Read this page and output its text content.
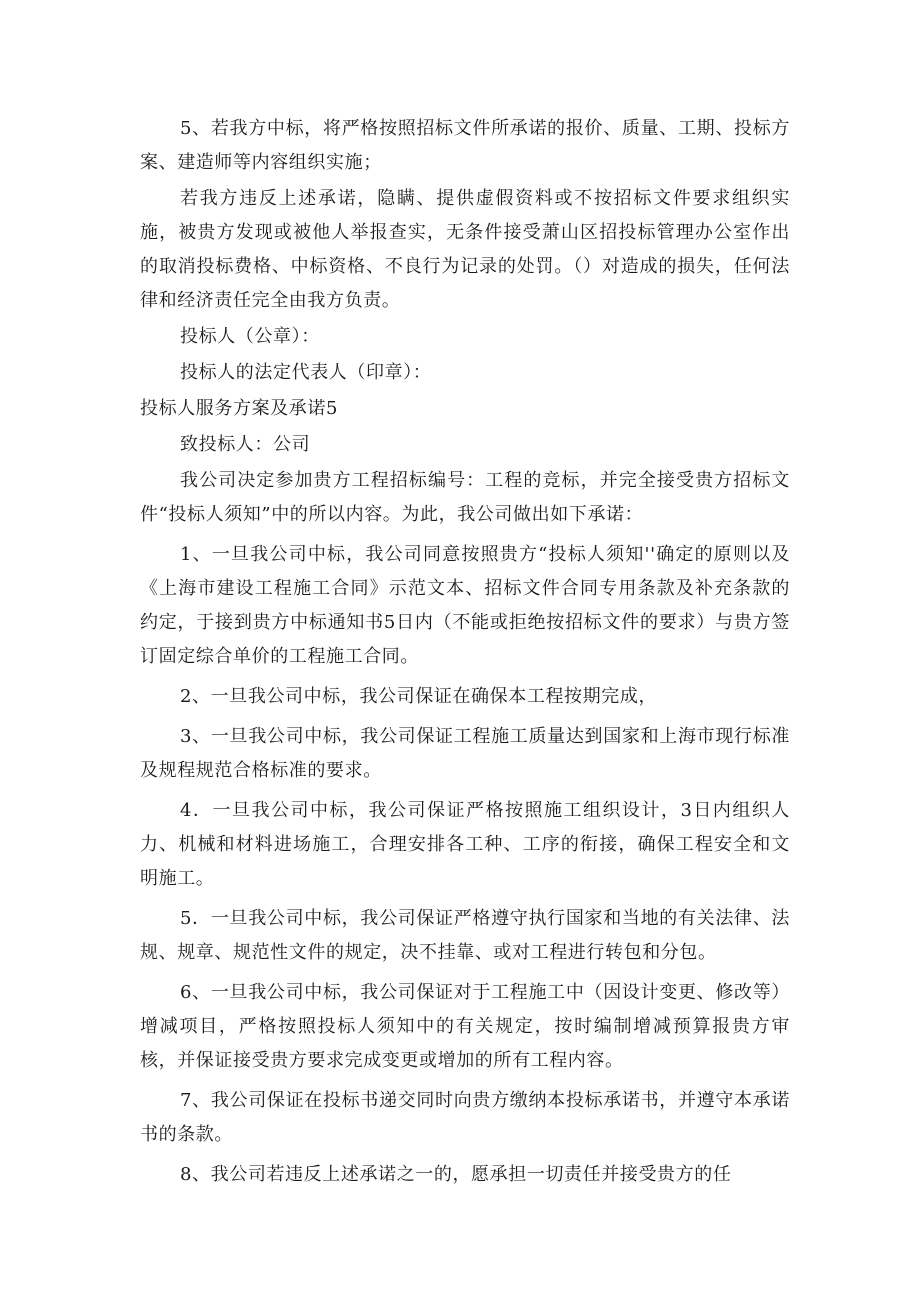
5、若我方中标，将严格按照招标文件所承诺的报价、质量、工期、投标方案、建造师等内容组织实施；

若我方违反上述承诺，隐瞒、提供虚假资料或不按招标文件要求组织实施，被贵方发现或被他人举报查实，无条件接受萧山区招投标管理办公室作出的取消投标费格、中标资格、不良行为记录的处罚。（）对造成的损失，任何法律和经济责任完全由我方负责。

投标人（公章）：

投标人的法定代表人（印章）：

投标人服务方案及承诺5

致投标人：公司

我公司决定参加贵方工程招标编号：工程的竞标，并完全接受贵方招标文件“投标人须知”中的所以内容。为此，我公司做出如下承诺：

1、一旦我公司中标，我公司同意按照贵方“投标人须知''确定的原则以及《上海市建设工程施工合同》示范文本、招标文件合同专用条款及补充条款的约定，于接到贵方中标通知书5日内（不能或拒绝按招标文件的要求）与贵方签订固定综合单价的工程施工合同。

2、一旦我公司中标，我公司保证在确保本工程按期完成，

3、一旦我公司中标，我公司保证工程施工质量达到国家和上海市现行标准及规程规范合格标准的要求。

4．一旦我公司中标，我公司保证严格按照施工组织设计，3日内组织人力、机械和材料进场施工，合理安排各工种、工序的衔接，确保工程安全和文明施工。

5．一旦我公司中标，我公司保证严格遵守执行国家和当地的有关法律、法规、规章、规范性文件的规定，决不挂靠、或对工程进行转包和分包。

6、一旦我公司中标，我公司保证对于工程施工中（因设计变更、修改等）增减项目，严格按照投标人须知中的有关规定，按时编制增减预算报贵方审核，并保证接受贵方要求完成变更或增加的所有工程内容。

7、我公司保证在投标书递交同时向贵方缴纳本投标承诺书，并遵守本承诺书的条款。

8、我公司若违反上述承诺之一的，愿承担一切责任并接受贵方的任
